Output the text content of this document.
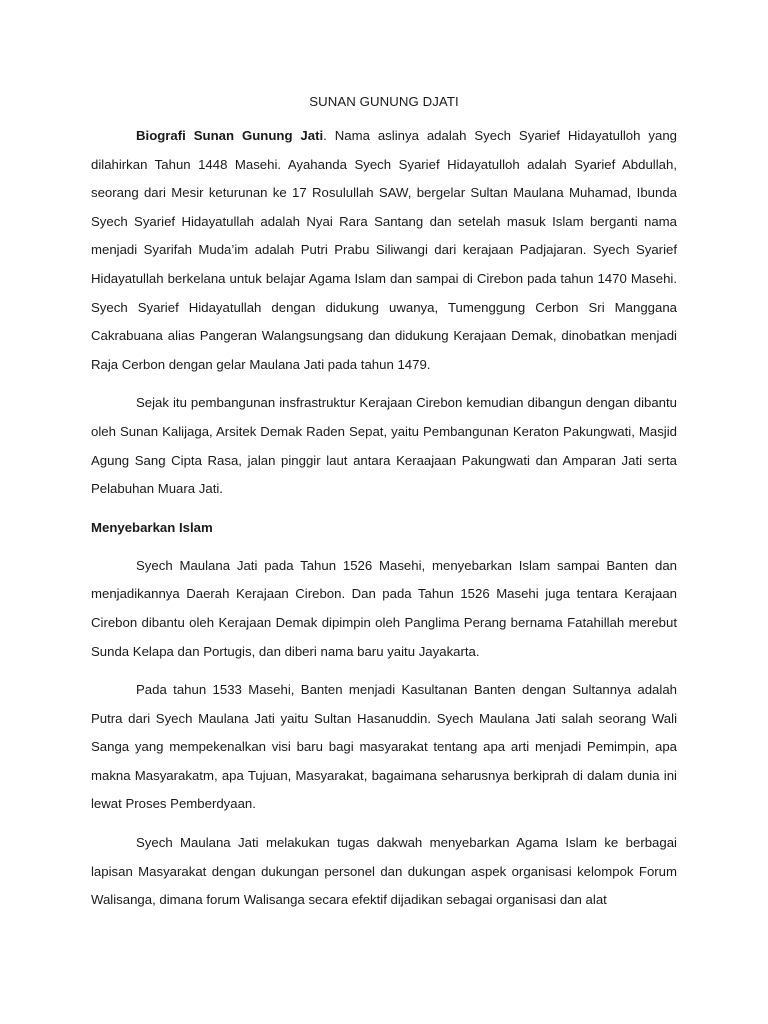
SUNAN GUNUNG DJATI

Biografi Sunan Gunung Jati. Nama aslinya adalah Syech Syarief Hidayatulloh yang dilahirkan Tahun 1448 Masehi. Ayahanda Syech Syarief Hidayatulloh adalah Syarief Abdullah, seorang dari Mesir keturunan ke 17 Rosulullah SAW, bergelar Sultan Maulana Muhamad, Ibunda Syech Syarief Hidayatullah adalah Nyai Rara Santang dan setelah masuk Islam berganti nama menjadi Syarifah Muda’im adalah Putri Prabu Siliwangi dari kerajaan Padjajaran. Syech Syarief Hidayatullah berkelana untuk belajar Agama Islam dan sampai di Cirebon pada tahun 1470 Masehi. Syech Syarief Hidayatullah dengan didukung uwanya, Tumenggung Cerbon Sri Manggana Cakrabuana alias Pangeran Walangsungsang dan didukung Kerajaan Demak, dinobatkan menjadi Raja Cerbon dengan gelar Maulana Jati pada tahun 1479.

Sejak itu pembangunan insfrastruktur Kerajaan Cirebon kemudian dibangun dengan dibantu oleh Sunan Kalijaga, Arsitek Demak Raden Sepat, yaitu Pembangunan Keraton Pakungwati, Masjid Agung Sang Cipta Rasa, jalan pinggir laut antara Keraajaan Pakungwati dan Amparan Jati serta Pelabuhan Muara Jati.

Menyebarkan Islam

Syech Maulana Jati pada Tahun 1526 Masehi, menyebarkan Islam sampai Banten dan menjadikannya Daerah Kerajaan Cirebon. Dan pada Tahun 1526 Masehi juga tentara Kerajaan Cirebon dibantu oleh Kerajaan Demak dipimpin oleh Panglima Perang bernama Fatahillah merebut Sunda Kelapa dan Portugis, dan diberi nama baru yaitu Jayakarta.

Pada tahun 1533 Masehi, Banten menjadi Kasultanan Banten dengan Sultannya adalah Putra dari Syech Maulana Jati yaitu Sultan Hasanuddin. Syech Maulana Jati salah seorang Wali Sanga yang mempekenalkan visi baru bagi masyarakat tentang apa arti menjadi Pemimpin, apa makna Masyarakatm, apa Tujuan, Masyarakat, bagaimana seharusnya berkiprah di dalam dunia ini lewat Proses Pemberdyaan.

Syech Maulana Jati melakukan tugas dakwah menyebarkan Agama Islam ke berbagai lapisan Masyarakat dengan dukungan personel dan dukungan aspek organisasi kelompok Forum Walisanga, dimana forum Walisanga secara efektif dijadikan sebagai organisasi dan alat
